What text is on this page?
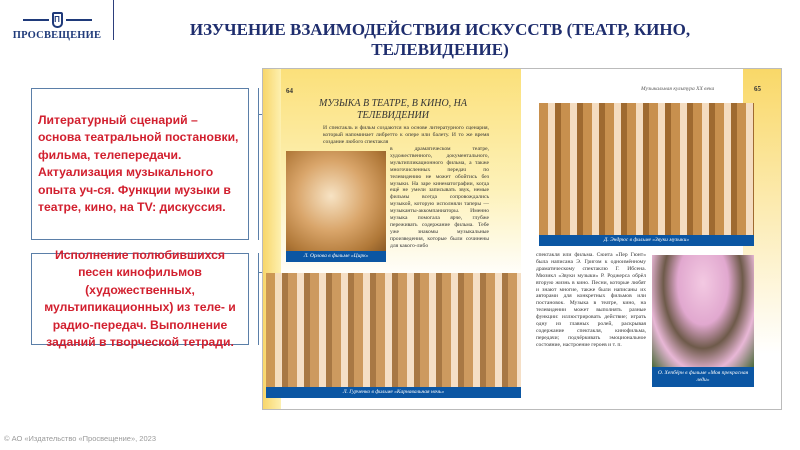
П
ПРОСВЕЩЕНИЕ	ИЗУЧЕНИЕ ВЗАИМОДЕЙСТВИЯ ИСКУССТВ (ТЕАТР, КИНО, ТЕЛЕВИДЕНИЕ)
Литературный сценарий – основа театральной постановки, фильма, телепередачи. Актуализация музыкального опыта уч-ся. Функции музыки в театре, кино, на TV: дискуссия.
Исполнение полюбившихся песен кинофильмов (художественных, мультипикационных) из теле- и радио-передач. Выполнение заданий в творческой тетради.
64
МУЗЫКА В ТЕАТРЕ, В КИНО, НА ТЕЛЕВИДЕНИИ
И спектакль и фильм создаются на основе литературного сценария, который напоминает либретто к опере или балету. И то же время создание любого спектакля
в драматическом театре, художественного, документального, мультипликационного фильма, а также многочисленных передач по телевидению не может обойтись без музыки. На заре кинематографии, когда ещё не умели записывать звук, немые фильмы всегда сопровождались музыкой, которую исполняли таперы — музыканты-аккомпаниаторы. Именно музыка помогала ярче, глубже переживать содержание фильма. Тебе уже знакомы музыкальные произведения, которые были сочинены для какого-либо
Л. Орлова в фильме «Цирк»
Л. Гурченко в фильме «Карнавальная ночь»
Музыкальная культура XX века	65
Д. Эндрюс в фильме «Звуки музыки»
спектакля или фильма. Сюита «Пер Гюнт» была написана Э. Григом к одноимённому драматическому спектаклю Г. Ибсена. Мюзикл «Звуки музыки» Р. Роджерса обрёл вторую жизнь в кино. Песни, которые любят и знают многие, также были написаны их авторами для конкретных фильмов или постановок. Музыка в театре, кино, на телевидении может выполнять разные функции: иллюстрировать действие; играть одну из главных ролей, раскрывая содержание спектакля, кинофильма, передачи; подчёркивать эмоциональное состояние, настроение героев и т. п.
О. Хепбёрн в фильме «Моя прекрасная леди»
© АО «Издательство «Просвещение», 2023
